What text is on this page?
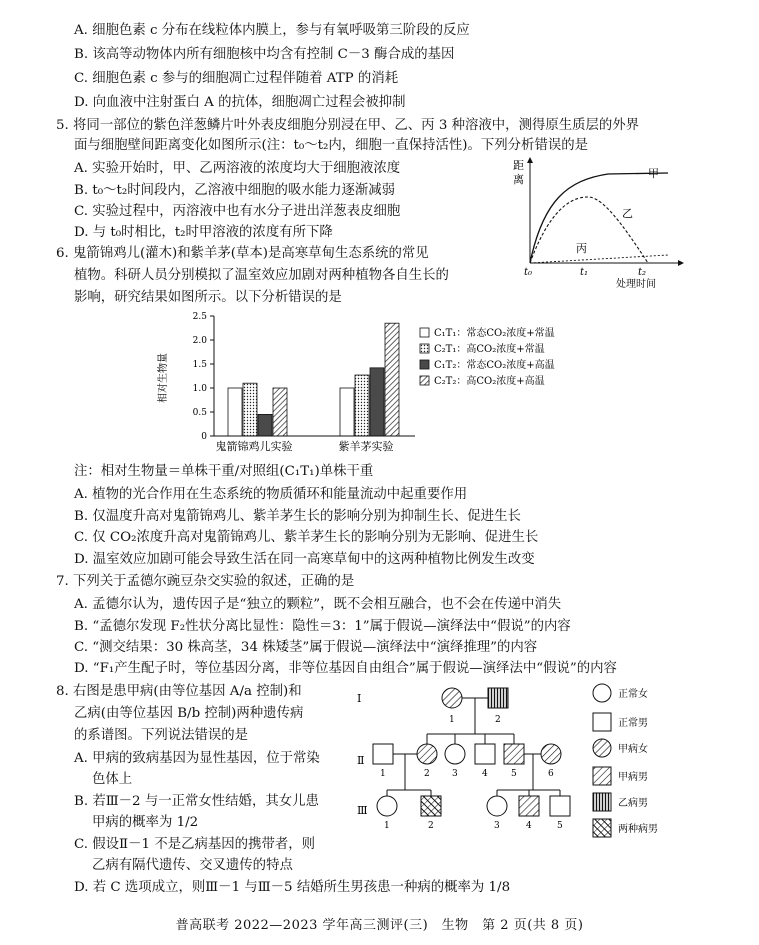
A. 细胞色素 c 分布在线粒体内膜上，参与有氧呼吸第三阶段的反应

B. 该高等动物体内所有细胞核中均含有控制 C－3 酶合成的基因

C. 细胞色素 c 参与的细胞凋亡过程伴随着 ATP 的消耗

D. 向血液中注射蛋白 A 的抗体，细胞凋亡过程会被抑制

5. 将同一部位的紫色洋葱鳞片叶外表皮细胞分别浸在甲、乙、丙 3 种溶液中，测得原生质层的外界

面与细胞壁间距离变化如图所示(注：t₀～t₂内，细胞一直保持活性)。下列分析错误的是

A. 实验开始时，甲、乙两溶液的浓度均大于细胞液浓度

B. t₀～t₂时间段内，乙溶液中细胞的吸水能力逐渐减弱

C. 实验过程中，丙溶液中也有水分子进出洋葱表皮细胞

D. 与 t₀时相比，t₂时甲溶液的浓度有所下降

距
离	甲
乙
丙
t₀	t₁	t₂
处理时间

6. 鬼箭锦鸡儿(灌木)和紫羊茅(草本)是高寒草甸生态系统的常见

植物。科研人员分别模拟了温室效应加剧对两种植物各自生长的

影响，研究结果如图所示。以下分析错误的是

相对生物量
0
0.5
1.0
1.5
2.0
2.5
鬼箭锦鸡儿实验	紫羊茅实验
C₁T₁：常态CO₂浓度+常温
C₂T₁：高CO₂浓度+常温
C₁T₂：常态CO₂浓度+高温
C₂T₂：高CO₂浓度+高温

注：相对生物量＝单株干重/对照组(C₁T₁)单株干重

A. 植物的光合作用在生态系统的物质循环和能量流动中起重要作用

B. 仅温度升高对鬼箭锦鸡儿、紫羊茅生长的影响分别为抑制生长、促进生长

C. 仅 CO₂浓度升高对鬼箭锦鸡儿、紫羊茅生长的影响分别为无影响、促进生长

D. 温室效应加剧可能会导致生活在同一高寒草甸中的这两种植物比例发生改变

7. 下列关于孟德尔豌豆杂交实验的叙述，正确的是

A. 孟德尔认为，遗传因子是“独立的颗粒”，既不会相互融合，也不会在传递中消失

B. “孟德尔发现 F₂性状分离比显性：隐性＝3：1”属于假说—演绎法中“假说”的内容

C. “测交结果：30 株高茎，34 株矮茎”属于假说—演绎法中“演绎推理”的内容

D. “F₁产生配子时，等位基因分离，非等位基因自由组合”属于假说—演绎法中“假说”的内容

8. 右图是患甲病(由等位基因 A/a 控制)和

乙病(由等位基因 B/b 控制)两种遗传病

的系谱图。下列说法错误的是

A. 甲病的致病基因为显性基因，位于常染

色体上

B. 若Ⅲ－2 与一正常女性结婚，其女儿患

甲病的概率为 1/2

C. 假设Ⅱ－1 不是乙病基因的携带者，则

乙病有隔代遗传、交叉遗传的特点

D. 若 C 选项成立，则Ⅲ－1 与Ⅲ－5 结婚所生男孩患一种病的概率为 1/8

Ⅰ
Ⅱ
Ⅲ
1	2
1	2 3	4	5	6
1	2	3	4	5
正常女
正常男
甲病女
甲病男
乙病男
两种病男
普高联考 2022—2023 学年高三测评(三)　生物　第 2 页(共 8 页)
